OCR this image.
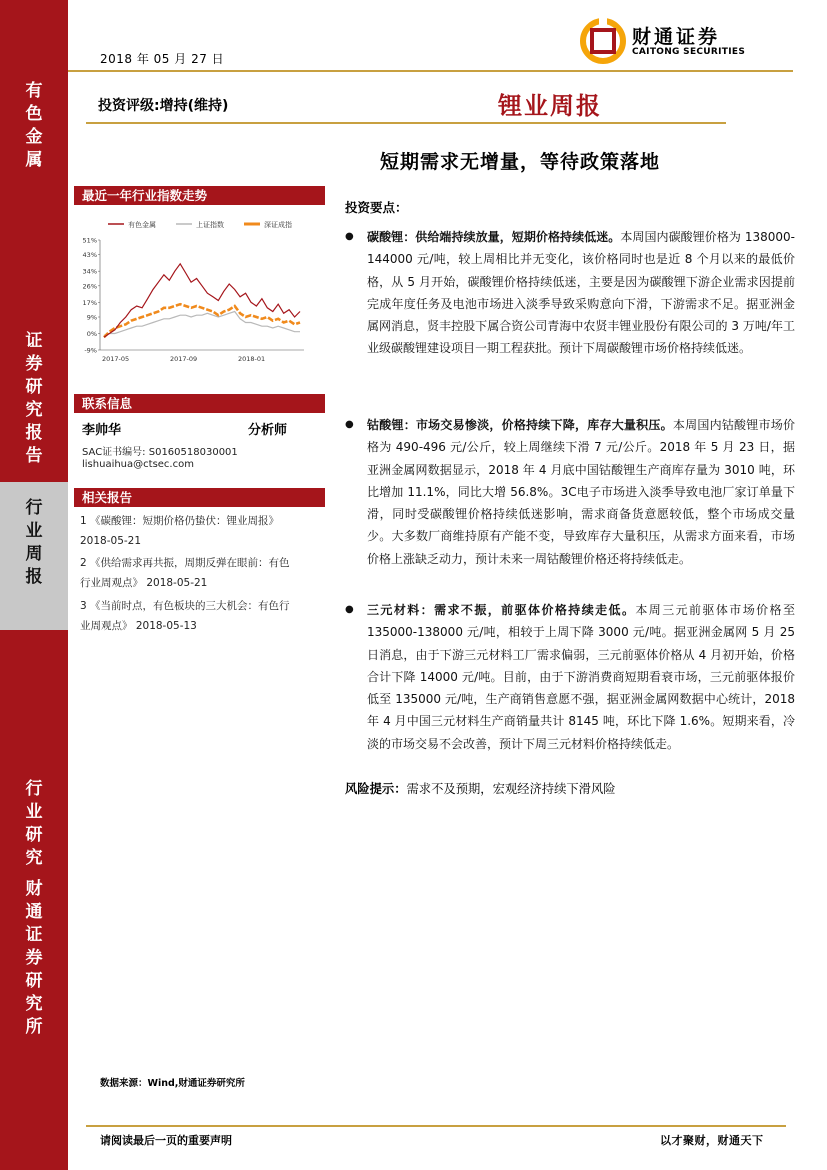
有
色
金
属
证
券
研
究
报
告
行
业
周
报
行
业
研
究
财
通
证
券
研
究
所
2018 年 05 月 27 日
财通证券
CAITONG SECURITIES
投资评级:增持(维持)	锂业周报
短期需求无增量，等待政策落地
最近一年行业指数走势
有色金属	上证指数	深证成指
51%
43%
34%
26%
17%
9%
0%
-9%
2017-05	2017-09	2018-01
联系信息
李帅华	分析师
SAC证书编号: S0160518030001
lishuaihua@ctsec.com
相关报告
1 《碳酸锂：短期价格仍蛰伏：锂业周报》
2018-05-21
2 《供给需求再共振，周期反弹在眼前：有色
行业周观点》 2018-05-21
3 《当前时点，有色板块的三大机会：有色行
业周观点》 2018-05-13
投资要点：
● 碳酸锂：供给端持续放量，短期价格持续低迷。本周国内碳酸锂价格为 138000-144000 元/吨，较上周相比并无变化，该价格同时也是近 8 个月以来的最低价格，从 5 月开始，碳酸锂价格持续低迷，主要是因为碳酸锂下游企业需求因提前完成年度任务及电池市场进入淡季导致采购意向下滑，下游需求不足。据亚洲金属网消息，贤丰控股下属合资公司青海中农贤丰锂业股份有限公司的 3 万吨/年工业级碳酸锂建设项目一期工程获批。预计下周碳酸锂市场价格持续低迷。
● 钴酸锂：市场交易惨淡，价格持续下降，库存大量积压。本周国内钴酸锂市场价格为 490-496 元/公斤，较上周继续下滑 7 元/公斤。2018 年 5 月 23 日，据亚洲金属网数据显示，2018 年 4 月底中国钴酸锂生产商库存量为 3010 吨，环比增加 11.1%，同比大增 56.8%。3C电子市场进入淡季导致电池厂家订单量下滑，同时受碳酸锂价格持续低迷影响，需求商备货意愿较低，整个市场成交量少。大多数厂商维持原有产能不变，导致库存大量积压，从需求方面来看，市场价格上涨缺乏动力，预计未来一周钴酸锂价格还将持续低走。
● 三元材料：需求不振，前驱体价格持续走低。本周三元前驱体市场价格至 135000-138000 元/吨，相较于上周下降 3000 元/吨。据亚洲金属网 5 月 25 日消息，由于下游三元材料工厂需求偏弱，三元前驱体价格从 4 月初开始，价格合计下降 14000 元/吨。目前，由于下游消费商短期看衰市场，三元前驱体报价低至 135000 元/吨，生产商销售意愿不强，据亚洲金属网数据中心统计，2018 年 4 月中国三元材料生产商销量共计 8145 吨，环比下降 1.6%。短期来看，冷淡的市场交易不会改善，预计下周三元材料价格持续低走。
风险提示：需求不及预期，宏观经济持续下滑风险
数据来源：Wind,财通证券研究所
请阅读最后一页的重要声明	以才聚财，财通天下
